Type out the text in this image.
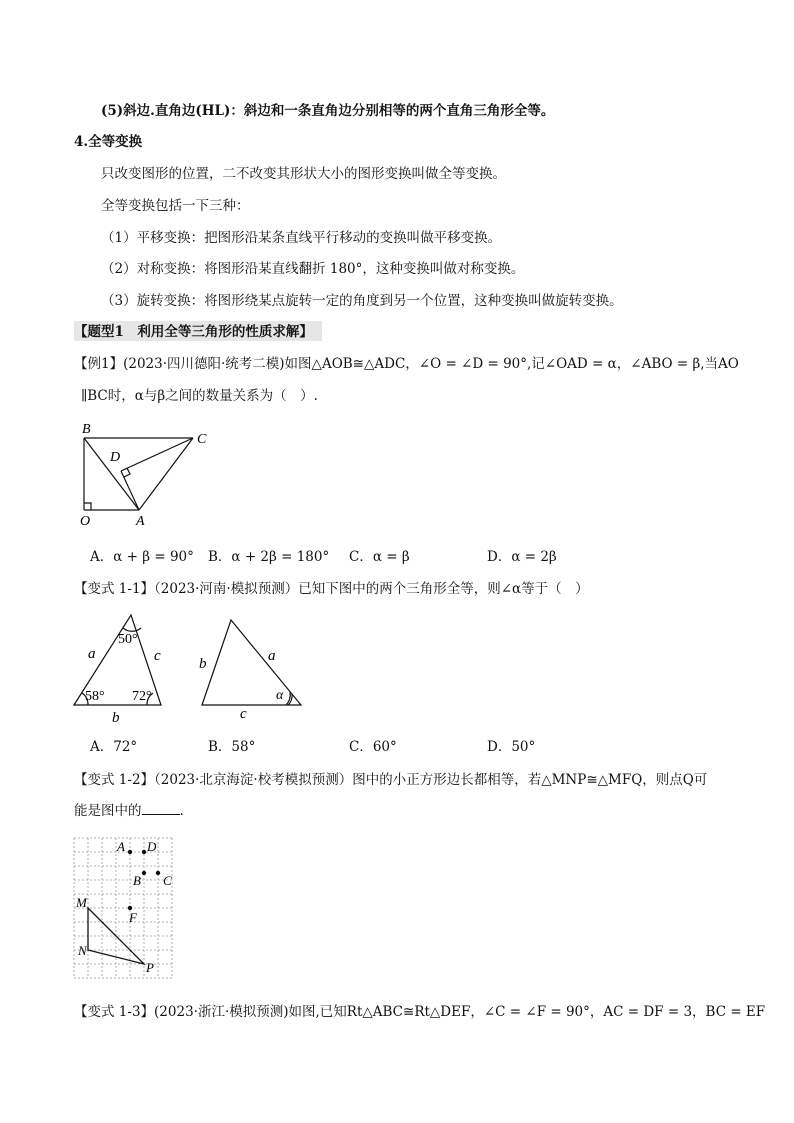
(5)斜边.直角边(HL)：斜边和一条直角边分别相等的两个直角三角形全等。
4.全等变换
只改变图形的位置，二不改变其形状大小的图形变换叫做全等变换。
全等变换包括一下三种：
（1）平移变换：把图形沿某条直线平行移动的变换叫做平移变换。
（2）对称变换：将图形沿某直线翻折 180°，这种变换叫做对称变换。
（3）旋转变换：将图形绕某点旋转一定的角度到另一个位置，这种变换叫做旋转变换。
【题型1　利用全等三角形的性质求解】
【例1】(2023·四川德阳·统考二模)如图△AOB≅△ADC，∠O = ∠D = 90°,记∠OAD = α，∠ABO = β,当AO
∥BC时，α与β之间的数量关系为（　）.
B
C
D
O	A
A．α + β = 90° B．α + 2β = 180° C．α = β	D．α = 2β
【变式 1-1】（2023·河南·模拟预测）已知下图中的两个三角形全等，则∠α等于（　）
50°
58° 72°
a	c
b
b	a
c
α
A．72°	B．58°	C．60°	D．50°
【变式 1-2】（2023·北京海淀·校考模拟预测）图中的小正方形边长都相等，若△MNP≅△MFQ，则点Q可
能是图中的	.
A D
B C
M
F
N
P
【变式 1-3】(2023·浙江·模拟预测)如图,已知Rt△ABC≅Rt△DEF，∠C = ∠F = 90°，AC = DF = 3，BC = EF
